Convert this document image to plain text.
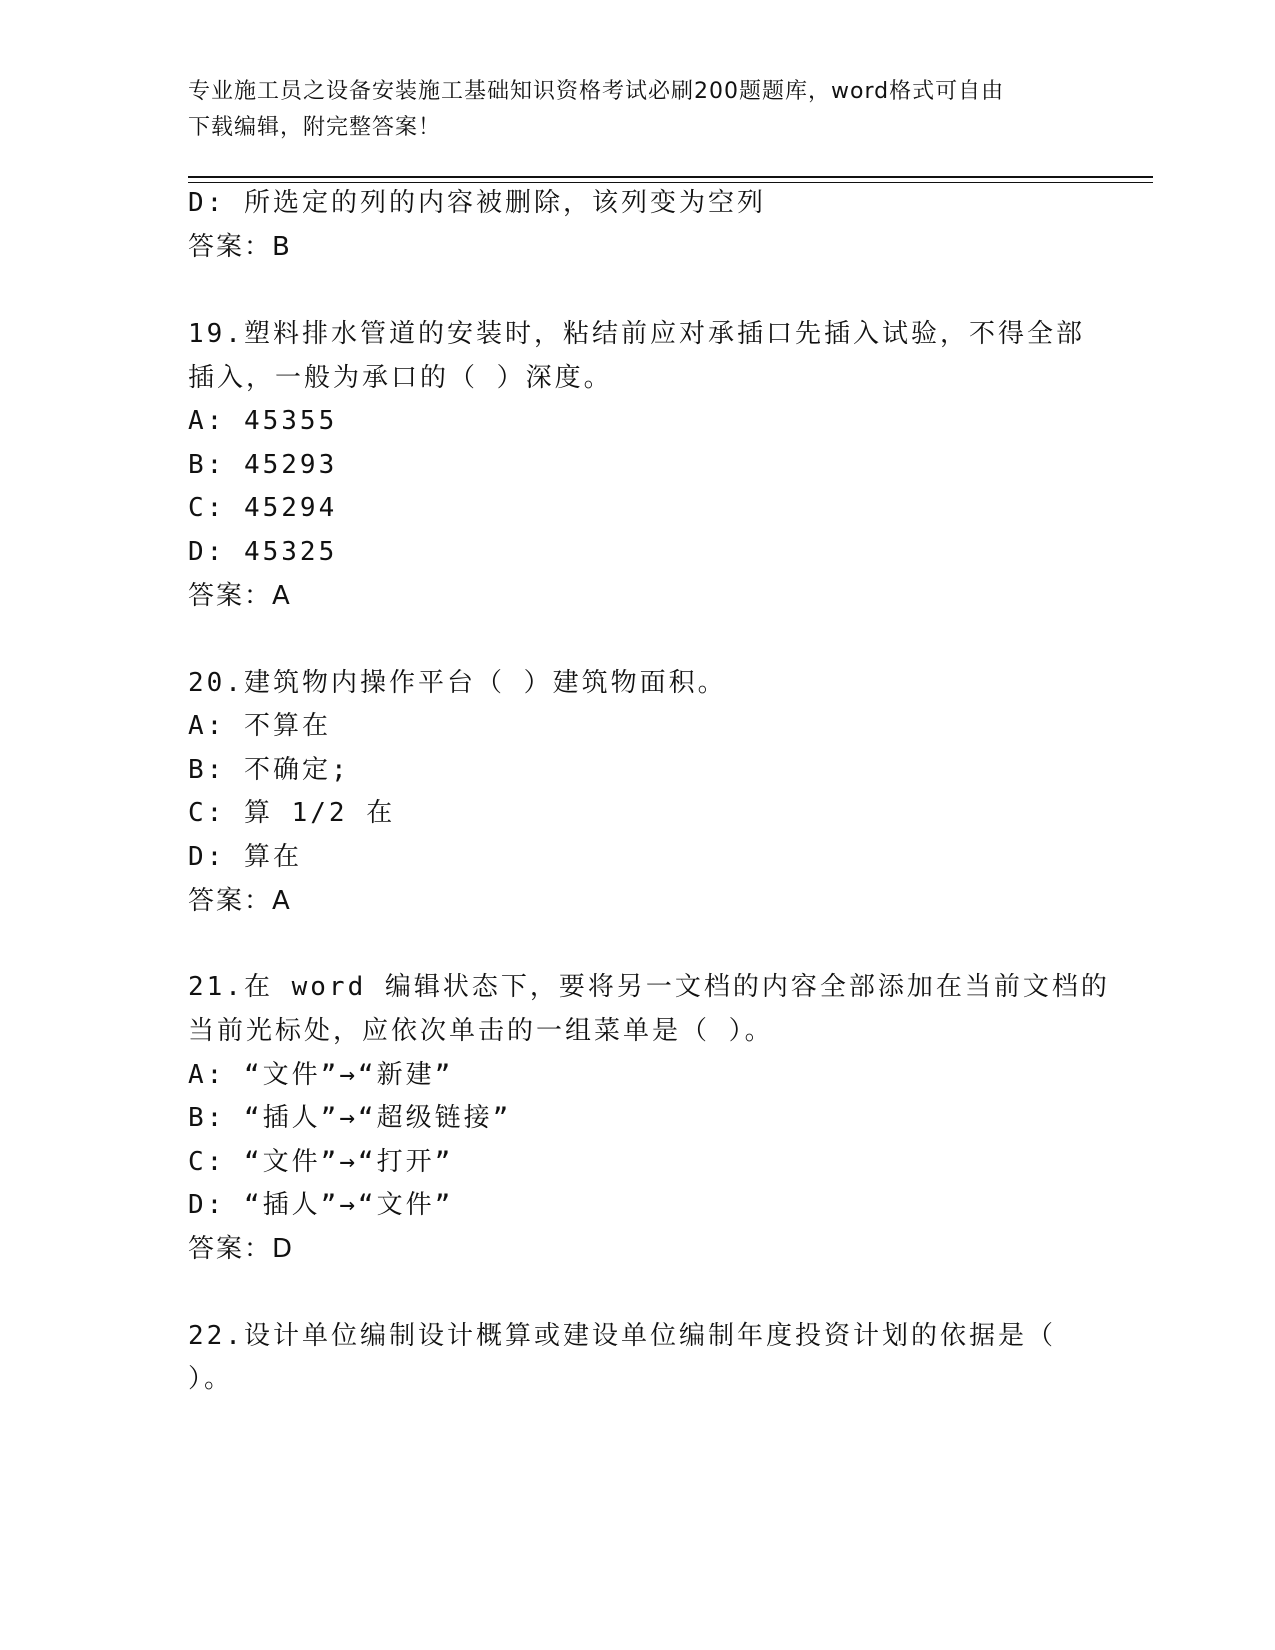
专业施工员之设备安装施工基础知识资格考试必刷200题题库，word格式可自由
下载编辑，附完整答案！
D: 所选定的列的内容被删除，该列变为空列
答案：B
19.塑料排水管道的安装时，粘结前应对承插口先插入试验，不得全部
插入，一般为承口的（ ）深度。
A: 45355
B: 45293
C: 45294
D: 45325
答案：A
20.建筑物内操作平台（ ）建筑物面积。
A: 不算在
B: 不确定;
C: 算 1/2 在
D: 算在
答案：A
21.在 word 编辑状态下，要将另一文档的内容全部添加在当前文档的
当前光标处，应依次单击的一组菜单是（ ）。
A: “文件”→“新建”
B: “插人”→“超级链接”
C: “文件”→“打开”
D: “插人”→“文件”
答案：D
22.设计单位编制设计概算或建设单位编制年度投资计划的依据是（
）。
